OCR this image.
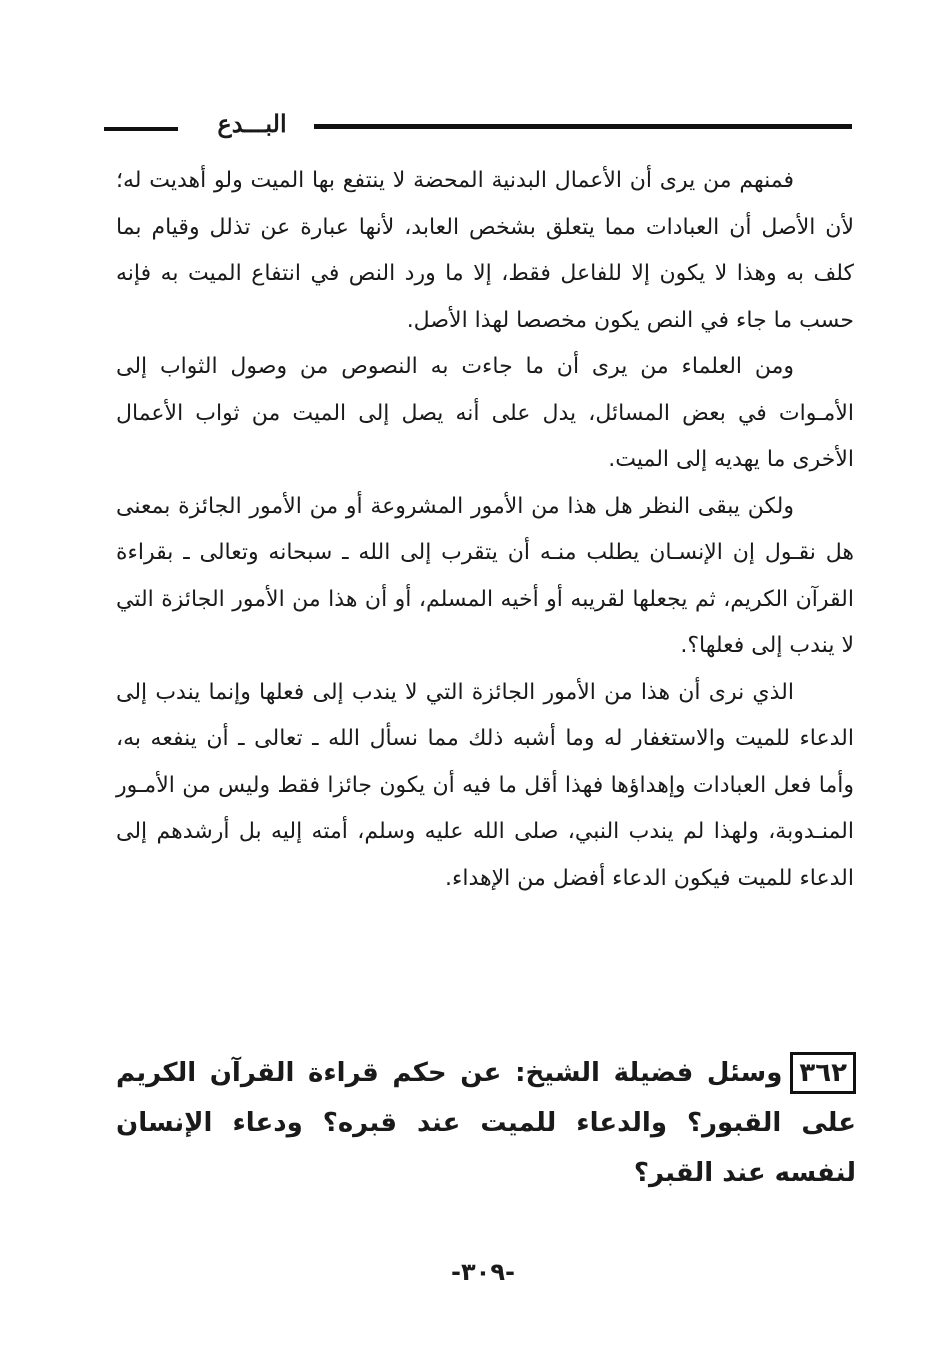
البـــدع

فمنهم من يرى أن الأعمال البدنية المحضة لا ينتفع بها الميت ولو أهديت له؛ لأن الأصل أن العبادات مما يتعلق بشخص العابد، لأنها عبارة عن تذلل وقيام بما كلف به وهذا لا يكون إلا للفاعل فقط، إلا ما ورد النص في انتفاع الميت به فإنه حسب ما جاء في النص يكون مخصصا لهذا الأصل.

ومن العلماء من يرى أن ما جاءت به النصوص من وصول الثواب إلى الأمـوات في بعض المسائل، يدل على أنه يصل إلى الميت من ثواب الأعمال الأخرى ما يهديه إلى الميت.

ولكن يبقى النظر هل هذا من الأمور المشروعة أو من الأمور الجائزة بمعنى هل نقـول إن الإنسـان يطلب منـه أن يتقرب إلى الله ـ سبحانه وتعالى ـ بقراءة القرآن الكريم، ثم يجعلها لقريبه أو أخيه المسلم، أو أن هذا من الأمور الجائزة التي لا يندب إلى فعلها؟.

الذي نرى أن هذا من الأمور الجائزة التي لا يندب إلى فعلها وإنما يندب إلى الدعاء للميت والاستغفار له وما أشبه ذلك مما نسأل الله ـ تعالى ـ أن ينفعه به، وأما فعل العبادات وإهداؤها فهذا أقل ما فيه أن يكون جائزا فقط وليس من الأمـور المنـدوبة، ولهذا لم يندب النبي، صلى الله عليه وسلم، أمته إليه بل أرشدهم إلى الدعاء للميت فيكون الدعاء أفضل من الإهداء.

٣٦٢وسئل فضيلة الشيخ: عن حكم قراءة القرآن الكريم على القبور؟ والدعاء للميت عند قبره؟ ودعاء الإنسان لنفسه عند القبر؟
-٣٠٩-
